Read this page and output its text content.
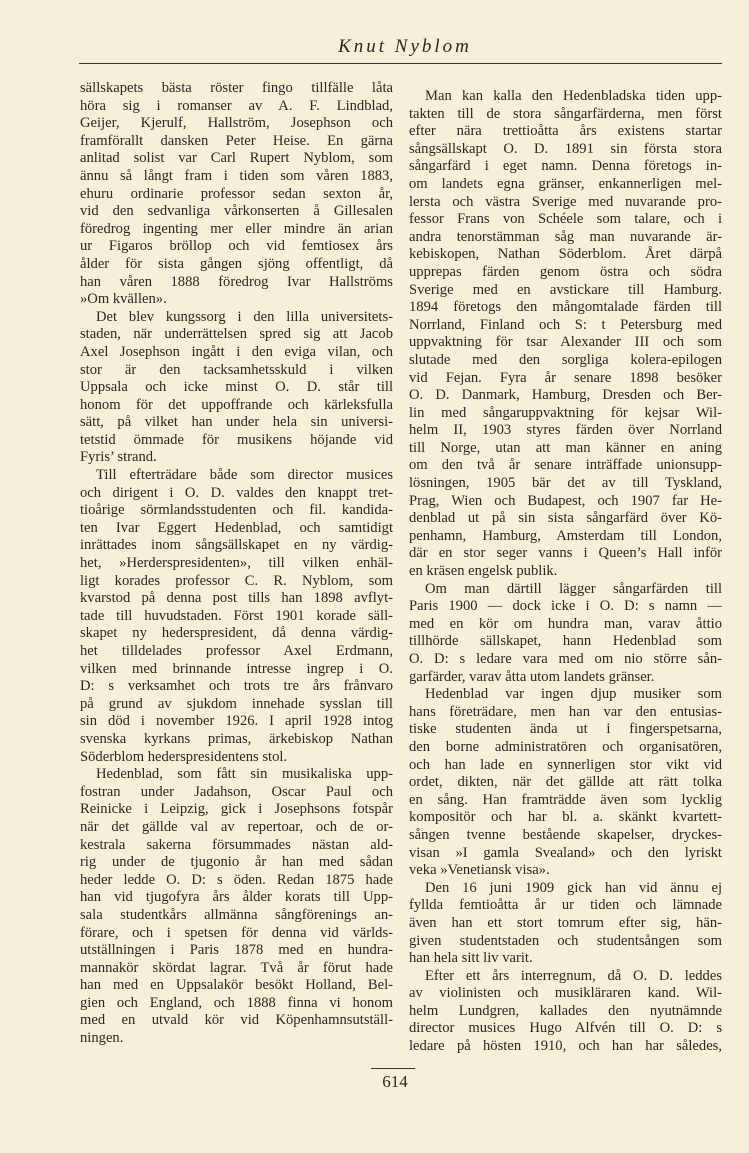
Knut Nyblom
sällskapets bästa röster fingo tillfälle låta
höra sig i romanser av A. F. Lindblad,
Geijer, Kjerulf, Hallström, Josephson och
framförallt dansken Peter Heise. En gärna
anlitad solist var Carl Rupert Nyblom, som
ännu så långt fram i tiden som våren 1883,
ehuru ordinarie professor sedan sexton år,
vid den sedvanliga vårkonserten å Gillesalen
föredrog ingenting mer eller mindre än arian
ur Figaros bröllop och vid femtiosex års
ålder för sista gången sjöng offentligt, då
han våren 1888 föredrog Ivar Hallströms
»Om kvällen».
Det blev kungssorg i den lilla universitets-
staden, när underrättelsen spred sig att Jacob
Axel Josephson ingått i den eviga vilan, och
stor är den tacksamhetsskuld i vilken
Uppsala och icke minst O. D. står till
honom för det uppoffrande och kärleksfulla
sätt, på vilket han under hela sin universi-
tetstid ömmade för musikens höjande vid
Fyris’ strand.
Till efterträdare både som director musices
och dirigent i O. D. valdes den knappt tret-
tioårige sörmlandsstudenten och fil. kandida-
ten Ivar Eggert Hedenblad, och samtidigt
inrättades inom sångsällskapet en ny värdig-
het, »Herderspresidenten», till vilken enhäl-
ligt korades professor C. R. Nyblom, som
kvarstod på denna post tills han 1898 avflyt-
tade till huvudstaden. Först 1901 korade säll-
skapet ny hederspresident, då denna värdig-
het tilldelades professor Axel Erdmann,
vilken med brinnande intresse ingrep i O.
D: s verksamhet och trots tre års frånvaro
på grund av sjukdom innehade sysslan till
sin död i november 1926. I april 1928 intog
svenska kyrkans primas, ärkebiskop Nathan
Söderblom hederspresidentens stol.
Hedenblad, som fått sin musikaliska upp-
fostran under Jadahson, Oscar Paul och
Reinicke i Leipzig, gick i Josephsons fotspår
när det gällde val av repertoar, och de or-
kestrala sakerna försummades nästan ald-
rig under de tjugonio år han med sådan
heder ledde O. D: s öden. Redan 1875 hade
han vid tjugofyra års ålder korats till Upp-
sala studentkårs allmänna sångförenings an-
förare, och i spetsen för denna vid världs-
utställningen i Paris 1878 med en hundra-
mannakör skördat lagrar. Två år förut hade
han med en Uppsalakör besökt Holland, Bel-
gien och England, och 1888 finna vi honom
med en utvald kör vid Köpenhamnsutställ-
ningen.
Man kan kalla den Hedenbladska tiden upp-
takten till de stora sångarfärderna, men först
efter nära trettioåtta års existens startar
sångsällskapt O. D. 1891 sin första stora
sångarfärd i eget namn. Denna företogs in-
om landets egna gränser, enkannerligen mel-
lersta och västra Sverige med nuvarande pro-
fessor Frans von Schéele som talare, och i
andra tenorstämman såg man nuvarande är-
kebiskopen, Nathan Söderblom. Året därpå
upprepas färden genom östra och södra
Sverige med en avstickare till Hamburg.
1894 företogs den mångomtalade färden till
Norrland, Finland och S: t Petersburg med
uppvaktning för tsar Alexander III och som
slutade med den sorgliga kolera-epilogen
vid Fejan. Fyra år senare 1898 besöker
O. D. Danmark, Hamburg, Dresden och Ber-
lin med sångaruppvaktning för kejsar Wil-
helm II, 1903 styres färden över Norrland
till Norge, utan att man känner en aning
om den två år senare inträffade unionsupp-
lösningen, 1905 bär det av till Tyskland,
Prag, Wien och Budapest, och 1907 far He-
denblad ut på sin sista sångarfärd över Kö-
penhamn, Hamburg, Amsterdam till London,
där en stor seger vanns i Queen’s Hall inför
en kräsen engelsk publik.
Om man därtill lägger sångarfärden till
Paris 1900 — dock icke i O. D: s namn —
med en kör om hundra man, varav åttio
tillhörde sällskapet, hann Hedenblad som
O. D: s ledare vara med om nio större sån-
garfärder, varav åtta utom landets gränser.
Hedenblad var ingen djup musiker som
hans företrädare, men han var den entusias-
tiske studenten ända ut i fingerspetsarna,
den borne administratören och organisatören,
och han lade en synnerligen stor vikt vid
ordet, dikten, när det gällde att rätt tolka
en sång. Han framträdde även som lycklig
kompositör och har bl. a. skänkt kvartett-
sången tvenne bestående skapelser, dryckes-
visan »I gamla Svealand» och den lyriskt
veka »Venetiansk visa».
Den 16 juni 1909 gick han vid ännu ej
fyllda femtioåtta år ur tiden och lämnade
även han ett stort tomrum efter sig, hän-
given studentstaden och studentsången som
han hela sitt liv varit.
Efter ett års interregnum, då O. D. leddes
av violinisten och musikläraren kand. Wil-
helm Lundgren, kallades den nyutnämnde
director musices Hugo Alfvén till O. D: s
ledare på hösten 1910, och han har således,
614
